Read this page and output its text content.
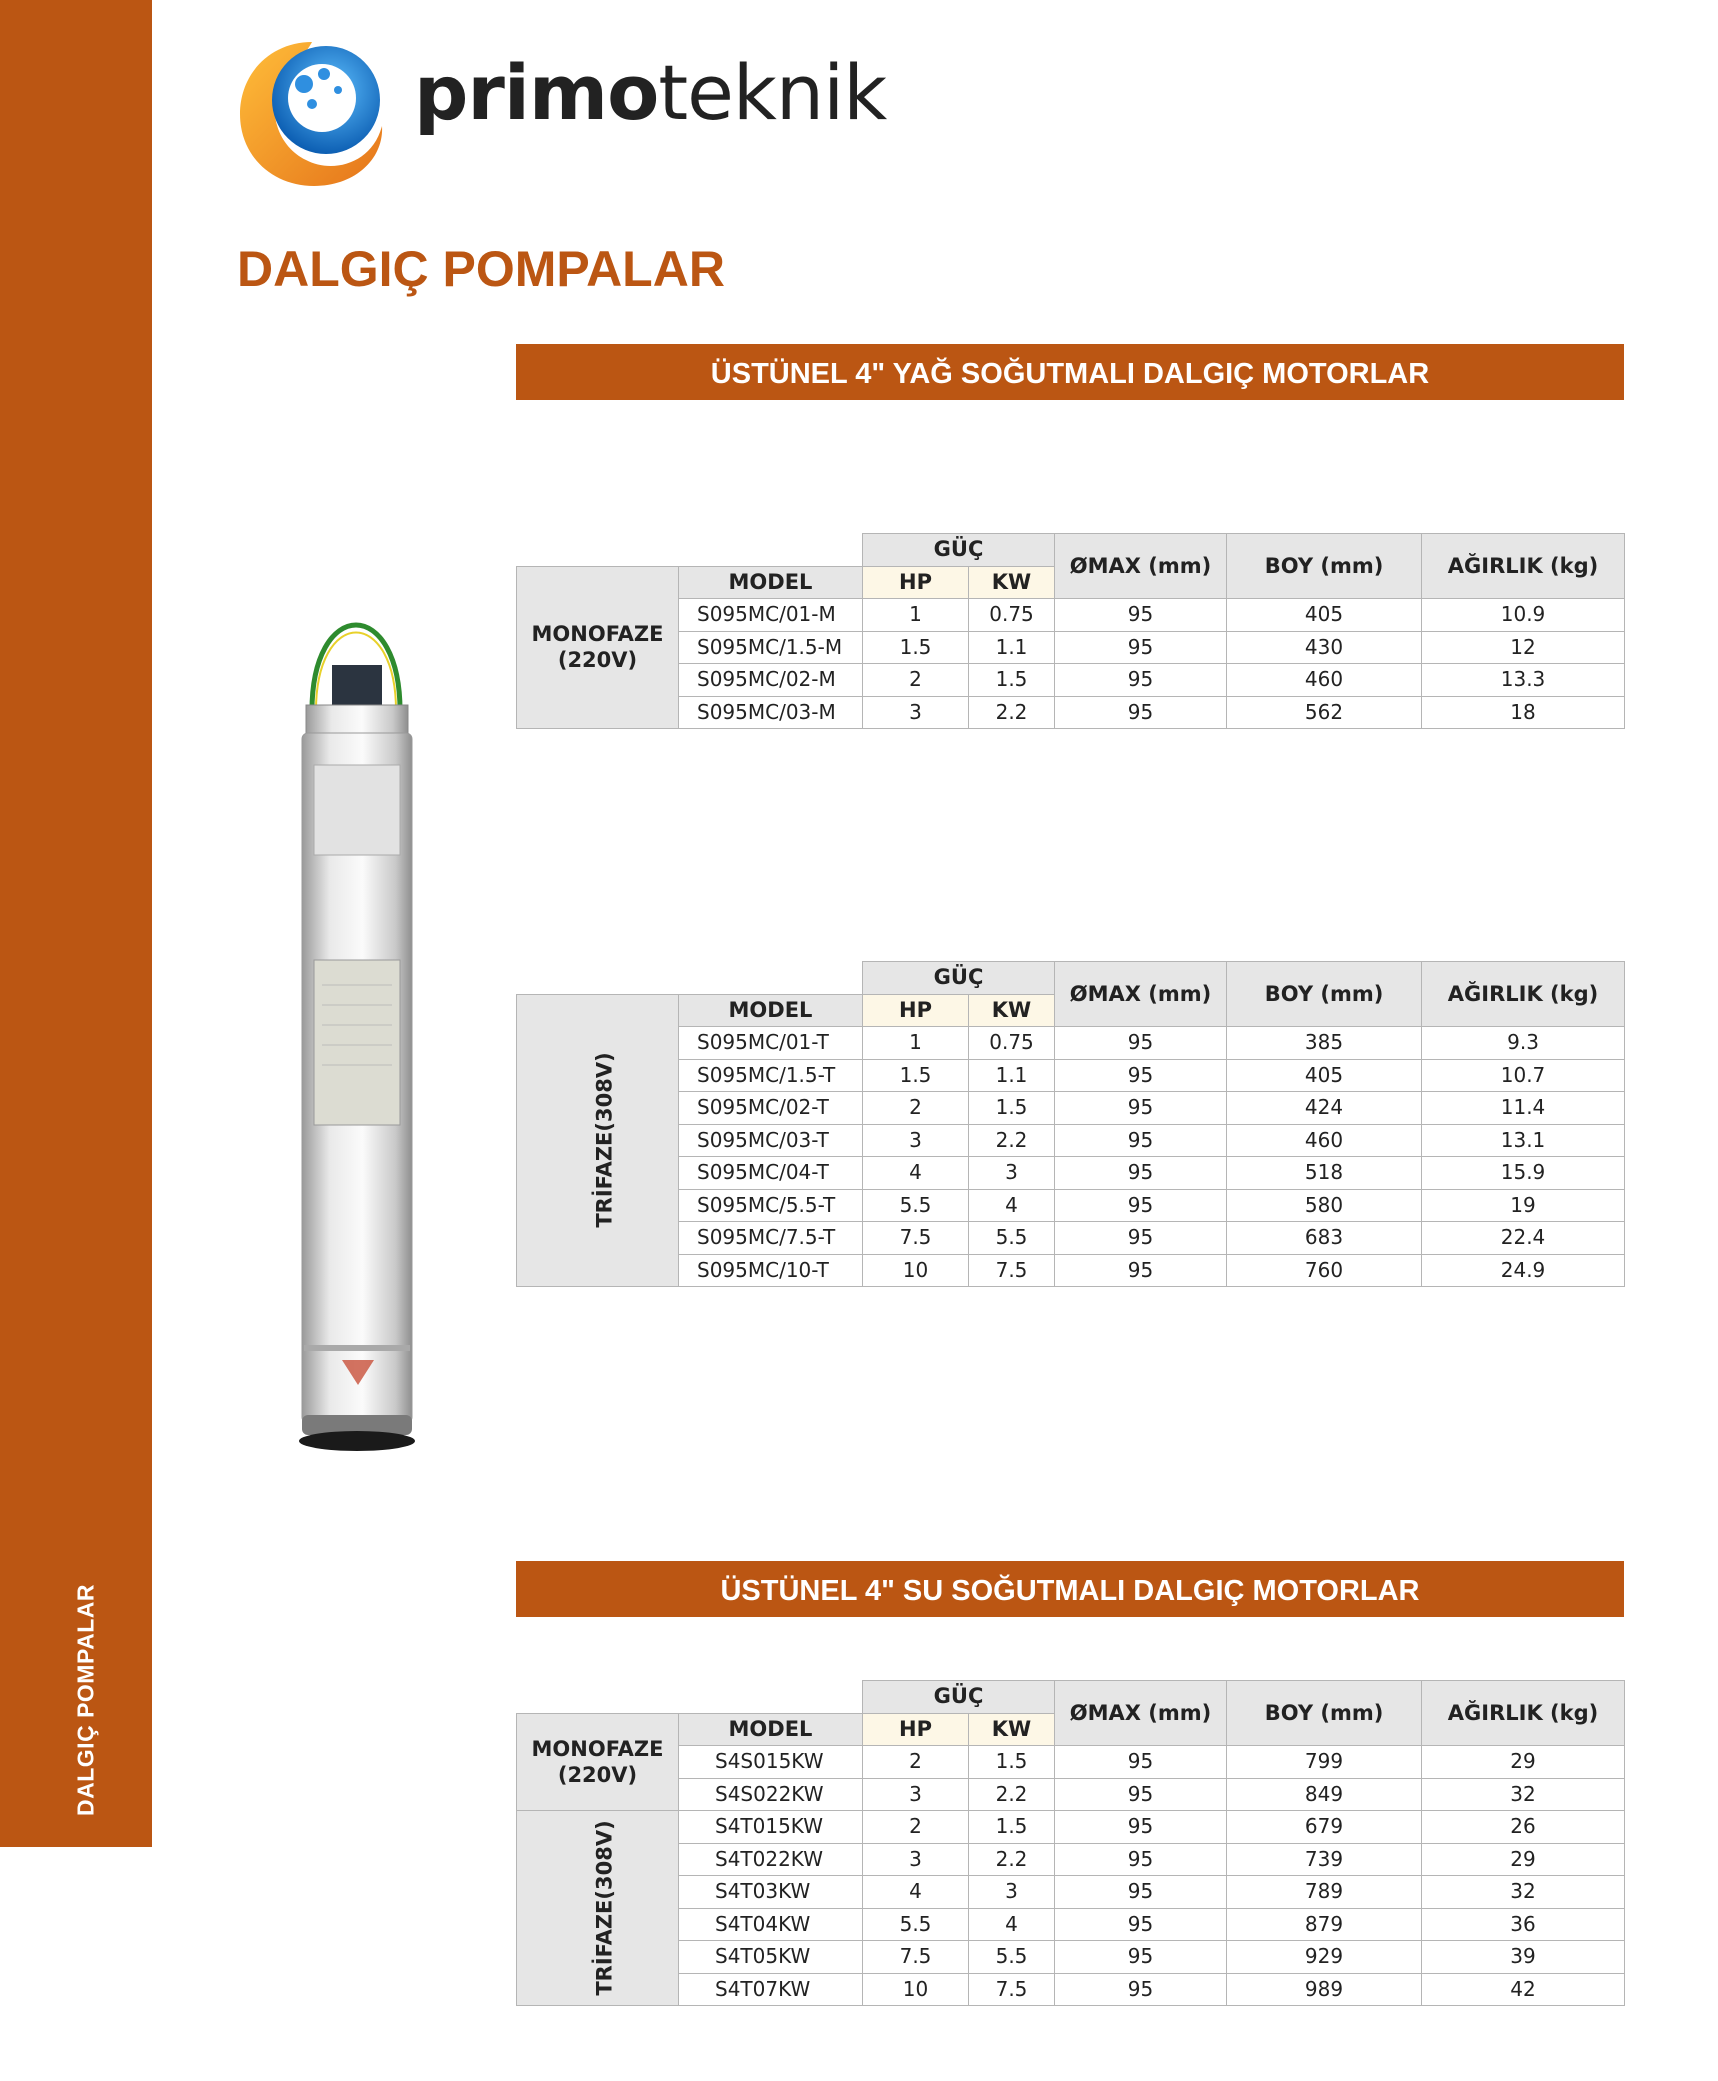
DALGIÇ POMPALAR
primoteknik
DALGIÇ POMPALAR
ÜSTÜNEL 4" YAĞ SOĞUTMALI DALGIÇ MOTORLAR
ÜSTÜNEL 4" SU SOĞUTMALI DALGIÇ MOTORLAR
		GÜÇ		ØMAX (mm)	BOY (mm)	AĞIRLIK (kg)
MONOFAZE
(220V)	MODEL	HP	KW			
	S095MC/01-M	1	0.75	95	405	10.9
	S095MC/1.5-M	1.5	1.1	95	430	12
	S095MC/02-M	2	1.5	95	460	13.3
	S095MC/03-M	3	2.2	95	562	18
		GÜÇ		ØMAX (mm)	BOY (mm)	AĞIRLIK (kg)
TRİFAZE(308V)	MODEL	HP	KW			
	S095MC/01-T	1	0.75	95	385	9.3
	S095MC/1.5-T	1.5	1.1	95	405	10.7
	S095MC/02-T	2	1.5	95	424	11.4
	S095MC/03-T	3	2.2	95	460	13.1
	S095MC/04-T	4	3	95	518	15.9
	S095MC/5.5-T	5.5	4	95	580	19
	S095MC/7.5-T	7.5	5.5	95	683	22.4
	S095MC/10-T	10	7.5	95	760	24.9
		GÜÇ		ØMAX (mm)	BOY (mm)	AĞIRLIK (kg)
MONOFAZE
(220V)	MODEL	HP	KW			
	S4S015KW	2	1.5	95	799	29
	S4S022KW	3	2.2	95	849	32
TRİFAZE(308V)	S4T015KW	2	1.5	95	679	26
	S4T022KW	3	2.2	95	739	29
	S4T03KW	4	3	95	789	32
	S4T04KW	5.5	4	95	879	36
	S4T05KW	7.5	5.5	95	929	39
	S4T07KW	10	7.5	95	989	42
